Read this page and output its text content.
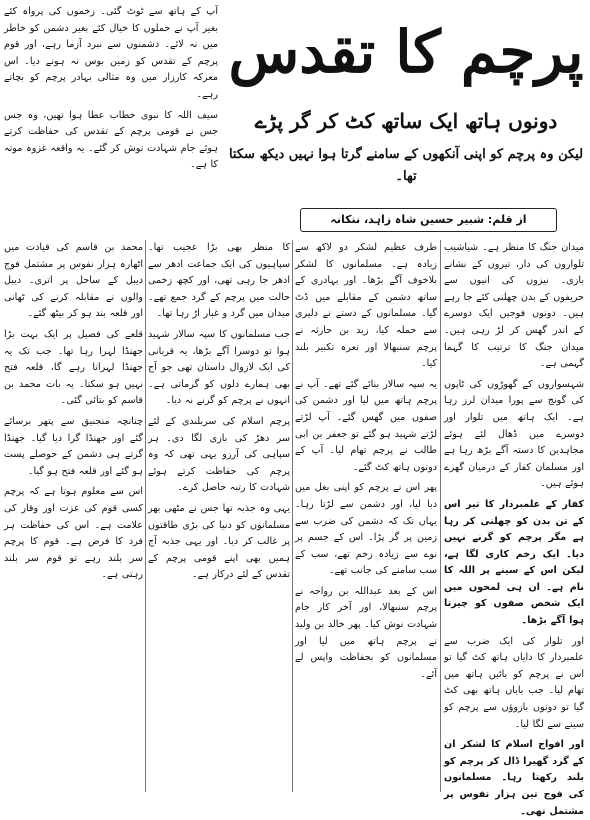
آپ کے ہاتھ سے ٹوٹ گئی۔ زخموں کی پرواہ کئے بغیر آپ نے حملوں کا خیال کئے بغیر دشمن کو خاطر میں نہ لائے۔ دشمنوں سے نبرد آزما رہے، اور قوم پرچم کے تقدس کو زمین بوس نہ ہونے دیا۔ اس معرکہ کارزار میں وہ مثالی بہادر پرچم کو بچاتے رہے۔

سیف اللہ کا نبوی خطاب عطا ہوا تھیں، وہ جس جس نے قومی پرچم کے تقدس کی حفاظت کرتے ہوئے جام شہادت نوش کر گئے۔ یہ واقعہ غزوہ موتہ کا ہے۔

پرچم کا تقدس
دونوں ہاتھ ایک ساتھ کٹ کر گر پڑے
لیکن وہ پرچم کو اپنی آنکھوں کے سامنے گرتا ہوا نہیں دیکھ سکتا تھا۔
از قلم: شبیر حسین شاہ زاہد، ننکانہ

میدان جنگ کا منظر ہے۔ شیاشیب تلواروں کی دار، تیروں کے نشانے بازی۔ نیزوں کی انیوں سے حریفوں کے بدن چھلنی کئے جا رہے ہیں۔ دونوں فوجیں ایک دوسرے کے اندر گھس کر لڑ رہی ہیں۔ میدان جنگ کا ترتیب کا گہما گہمی ہے۔

شہسواروں کے گھوڑوں کی ٹاپوں کی گونج سے پورا میدان لرز رہا ہے۔ ایک ہاتھ میں تلوار اور دوسرے میں ڈھال لئے ہوئے مجاہدین کا دستہ آگے بڑھ رہا ہے اور مسلمان کفار کے درمیان گھرے ہوئے ہیں۔

کفار کے علمبردار کا تیر اس کے تن بدن کو چھلنی کر رہا ہے مگر پرچم کو گرنے نہیں دیا۔ ایک زخم کاری لگا ہے، لیکن اس کے سینے پر اللہ کا نام ہے۔ ان ہی لمحوں میں ایک شخص صفوں کو چیرتا ہوا آگے بڑھا۔

اور تلوار کی ایک ضرب سے علمبردار کا دایاں ہاتھ کٹ گیا تو اس نے پرچم کو بائیں ہاتھ میں تھام لیا۔ جب بایاں ہاتھ بھی کٹ گیا تو دونوں بازوؤں سے پرچم کو سینے سے لگا لیا۔

اور افواج اسلام کا لشکر ان کے گرد گھیرا ڈال کر پرچم کو بلند رکھتا رہا۔ مسلمانوں کی فوج تین ہزار نفوس پر مشتمل تھی۔

طرف عظیم لشکر دو لاکھ سے زیادہ ہے۔ مسلمانوں کا لشکر بلاخوف آگے بڑھا۔ اور بہادری کے ساتھ دشمن کے مقابلے میں ڈٹ گیا۔ مسلمانوں کے دستے نے دلیری سے حملہ کیا، زید بن حارثہ نے پرچم سنبھالا اور نعرہ تکبیر بلند کیا۔

یہ سپہ سالار بنائے گئے تھے۔ آپ نے پرچم ہاتھ میں لیا اور دشمن کی صفوں میں گھس گئے۔ آپ لڑتے لڑتے شہید ہو گئے تو جعفر بن ابی طالب نے پرچم تھام لیا۔ آپ کے دونوں ہاتھ کٹ گئے۔

پھر اس نے پرچم کو اپنی بغل میں دبا لیا، اور دشمن سے لڑتا رہا۔ یہاں تک کہ دشمن کی ضرب سے زمین پر گر پڑا۔ اس کے جسم پر نوے سے زیادہ زخم تھے، سب کے سب سامنے کی جانب تھے۔

اس کے بعد عبداللہ بن رواحہ نے پرچم سنبھالا، اور آخر کار جام شہادت نوش کیا۔ پھر خالد بن ولید نے پرچم ہاتھ میں لیا اور مسلمانوں کو بحفاظت واپس لے آئے۔

کا منظر بھی بڑا عجیب تھا۔ سپاہیوں کی ایک جماعت ادھر سے ادھر جا رہی تھی، اور کچھ زخمی حالت میں پرچم کے گرد جمع تھے۔ میدان میں گرد و غبار اڑ رہا تھا۔

جب مسلمانوں کا سپہ سالار شہید ہوا تو دوسرا آگے بڑھا، یہ قربانی کی ایک لازوال داستان تھی جو آج بھی ہمارے دلوں کو گرماتی ہے۔ انہوں نے پرچم کو گرنے نہ دیا۔

پرچم اسلام کی سربلندی کے لئے سر دھڑ کی بازی لگا دی۔ ہر سپاہی کی آرزو یہی تھی کہ وہ پرچم کی حفاظت کرتے ہوئے شہادت کا رتبہ حاصل کرے۔

یہی وہ جذبہ تھا جس نے مٹھی بھر مسلمانوں کو دنیا کی بڑی طاقتوں پر غالب کر دیا۔ اور یہی جذبہ آج ہمیں بھی اپنے قومی پرچم کے تقدس کے لئے درکار ہے۔

محمد بن قاسم کی قیادت میں اٹھارہ ہزار نفوس پر مشتمل فوج دیبل کے ساحل پر اتری۔ دیبل والوں نے مقابلہ کرنے کی ٹھانی اور قلعہ بند ہو کر بیٹھ گئے۔

قلعے کی فصیل پر ایک بہت بڑا جھنڈا لہرا رہا تھا۔ جب تک یہ جھنڈا لہراتا رہے گا، قلعہ فتح نہیں ہو سکتا۔ یہ بات محمد بن قاسم کو بتائی گئی۔

چنانچہ منجنیق سے پتھر برسائے گئے اور جھنڈا گرا دیا گیا۔ جھنڈا گرتے ہی دشمن کے حوصلے پست ہو گئے اور قلعہ فتح ہو گیا۔

اس سے معلوم ہوتا ہے کہ پرچم کسی قوم کی عزت اور وقار کی علامت ہے۔ اس کی حفاظت ہر فرد کا فرض ہے۔ قوم کا پرچم سر بلند رہے تو قوم سر بلند رہتی ہے۔
